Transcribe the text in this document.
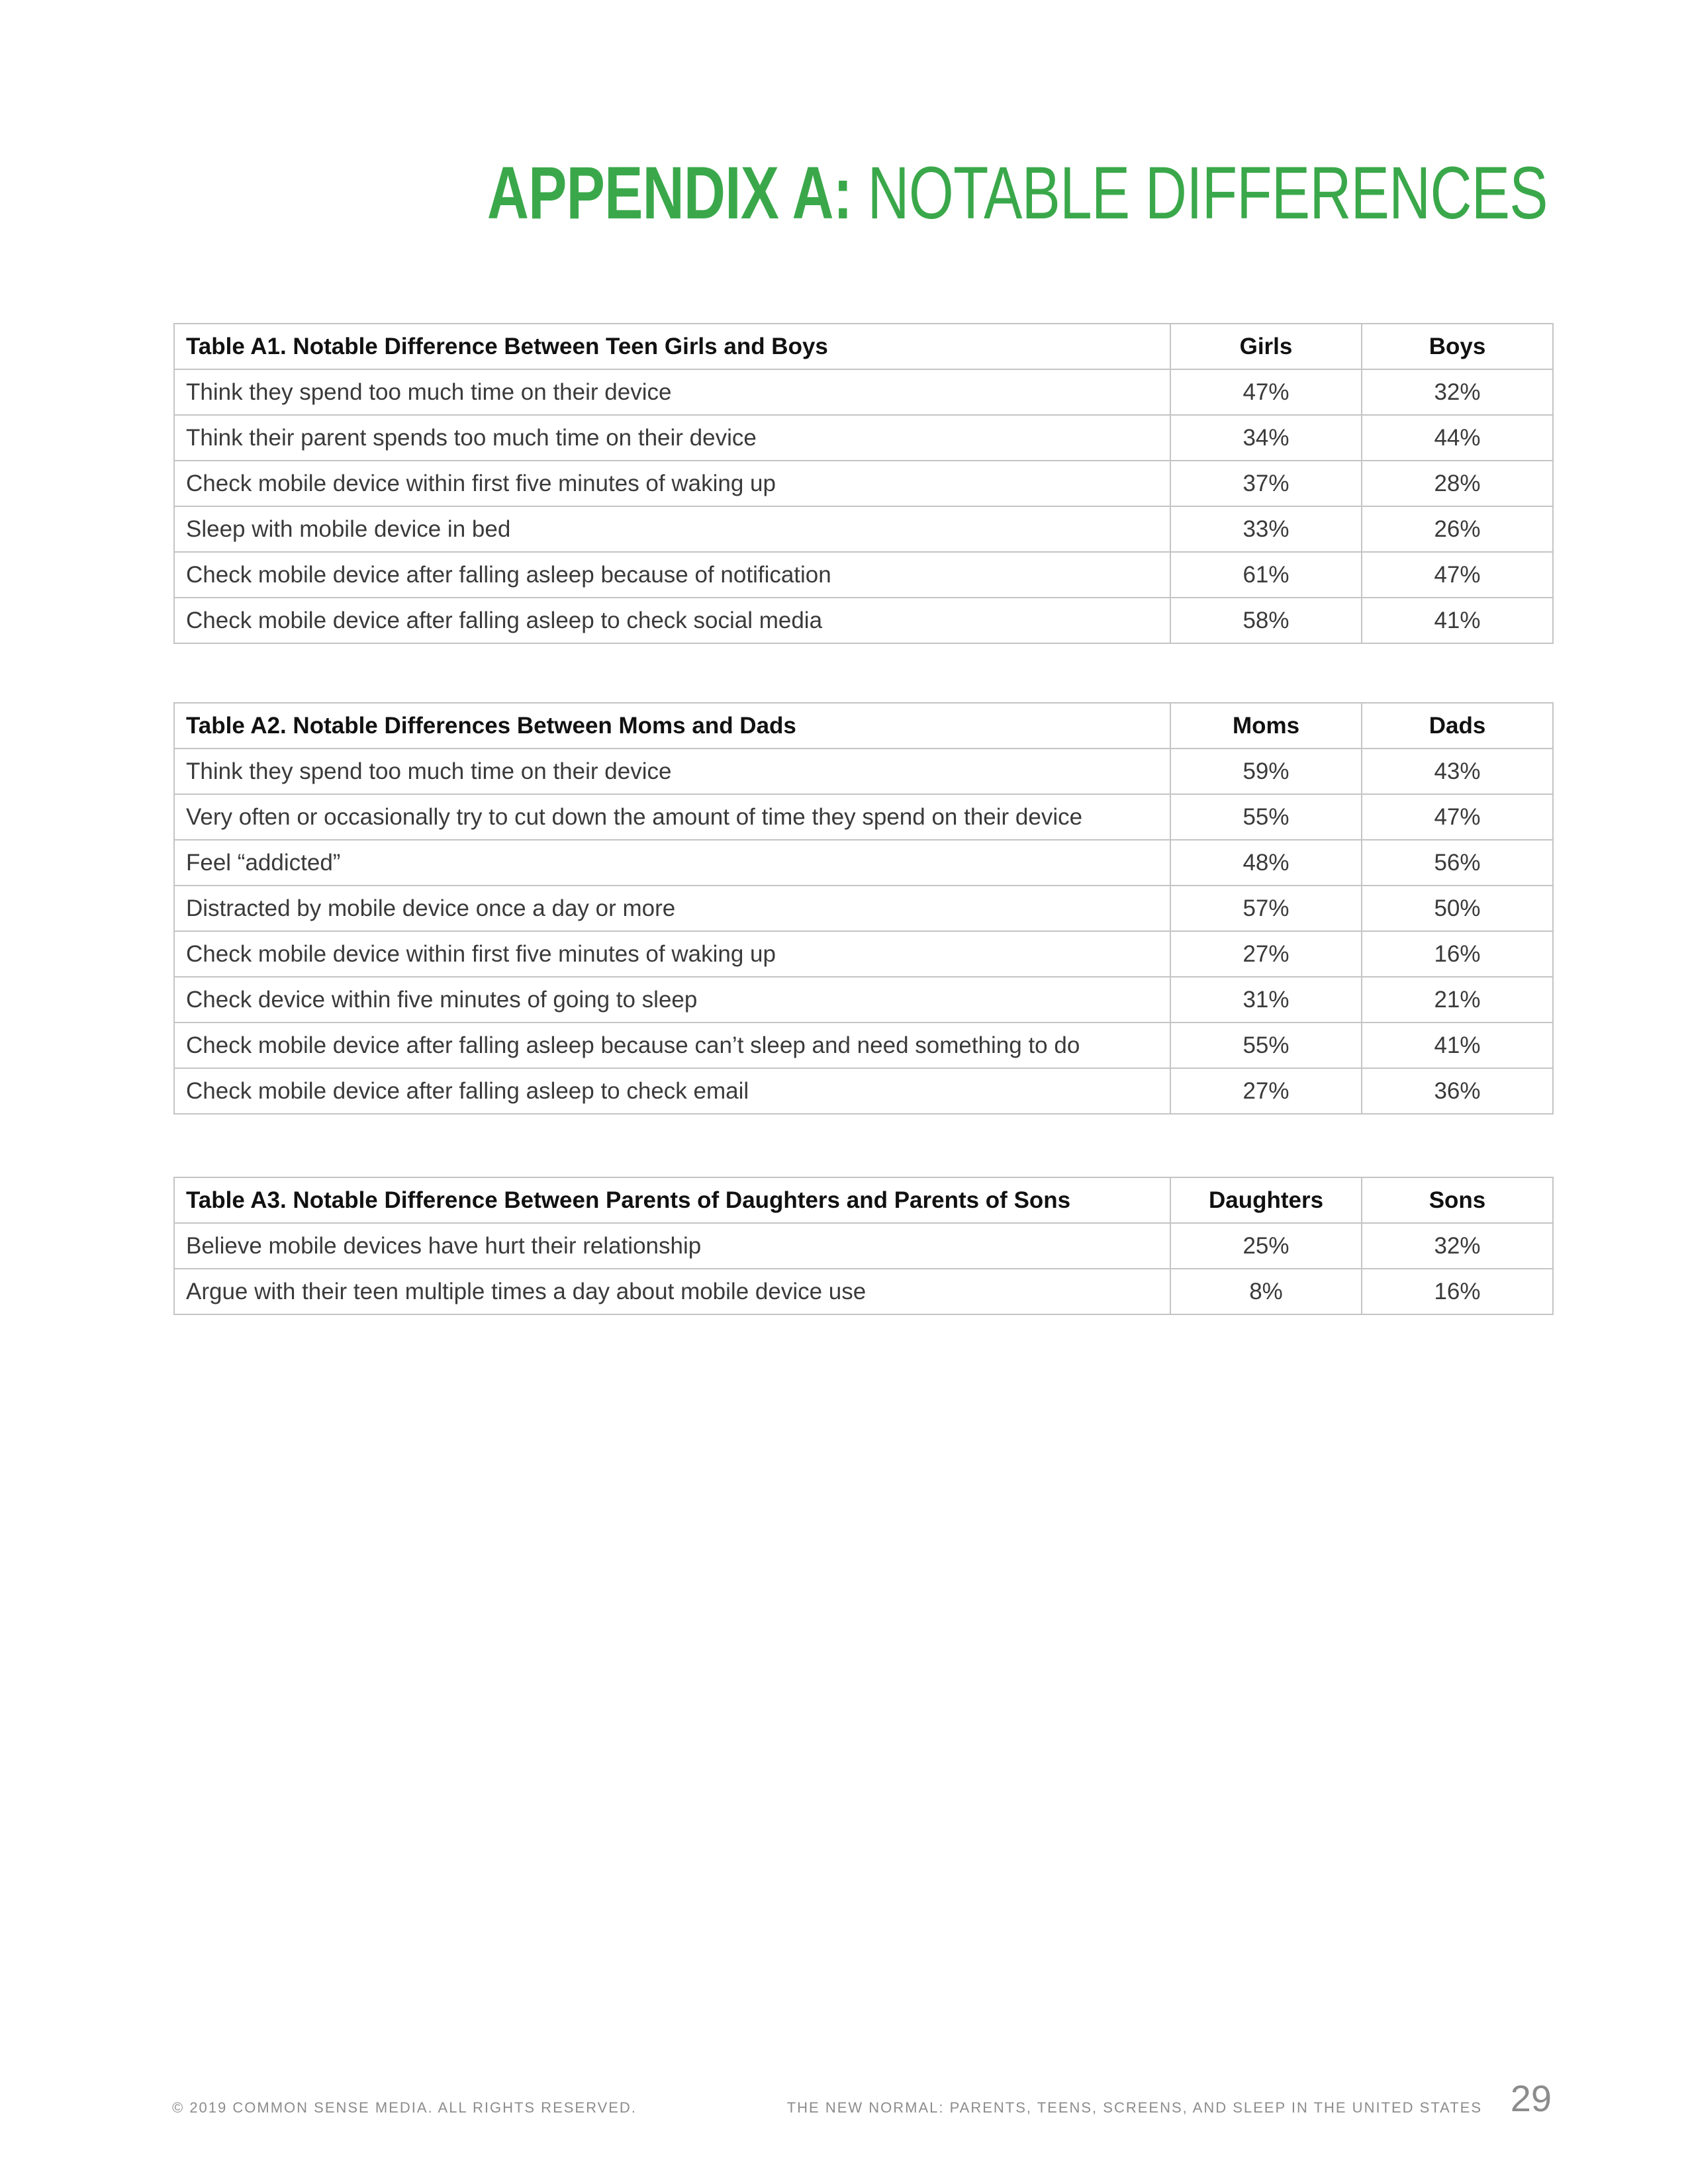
APPENDIX A: NOTABLE DIFFERENCES
Table A1. Notable Difference Between Teen Girls and Boys	Girls	Boys
Think they spend too much time on their device	47%	32%
Think their parent spends too much time on their device	34%	44%
Check mobile device within first five minutes of waking up	37%	28%
Sleep with mobile device in bed	33%	26%
Check mobile device after falling asleep because of notification	61%	47%
Check mobile device after falling asleep to check social media	58%	41%
Table A2. Notable Differences Between Moms and Dads	Moms	Dads
Think they spend too much time on their device	59%	43%
Very often or occasionally try to cut down the amount of time they spend on their device	55%	47%
Feel “addicted”	48%	56%
Distracted by mobile device once a day or more	57%	50%
Check mobile device within first five minutes of waking up	27%	16%
Check device within five minutes of going to sleep	31%	21%
Check mobile device after falling asleep because can’t sleep and need something to do	55%	41%
Check mobile device after falling asleep to check email	27%	36%
Table A3. Notable Difference Between Parents of Daughters and Parents of Sons	Daughters	Sons
Believe mobile devices have hurt their relationship	25%	32%
Argue with their teen multiple times a day about mobile device use	8%	16%
© 2019 COMMON SENSE MEDIA. ALL RIGHTS RESERVED.	THE NEW NORMAL: PARENTS, TEENS, SCREENS, AND SLEEP IN THE UNITED STATES 29
